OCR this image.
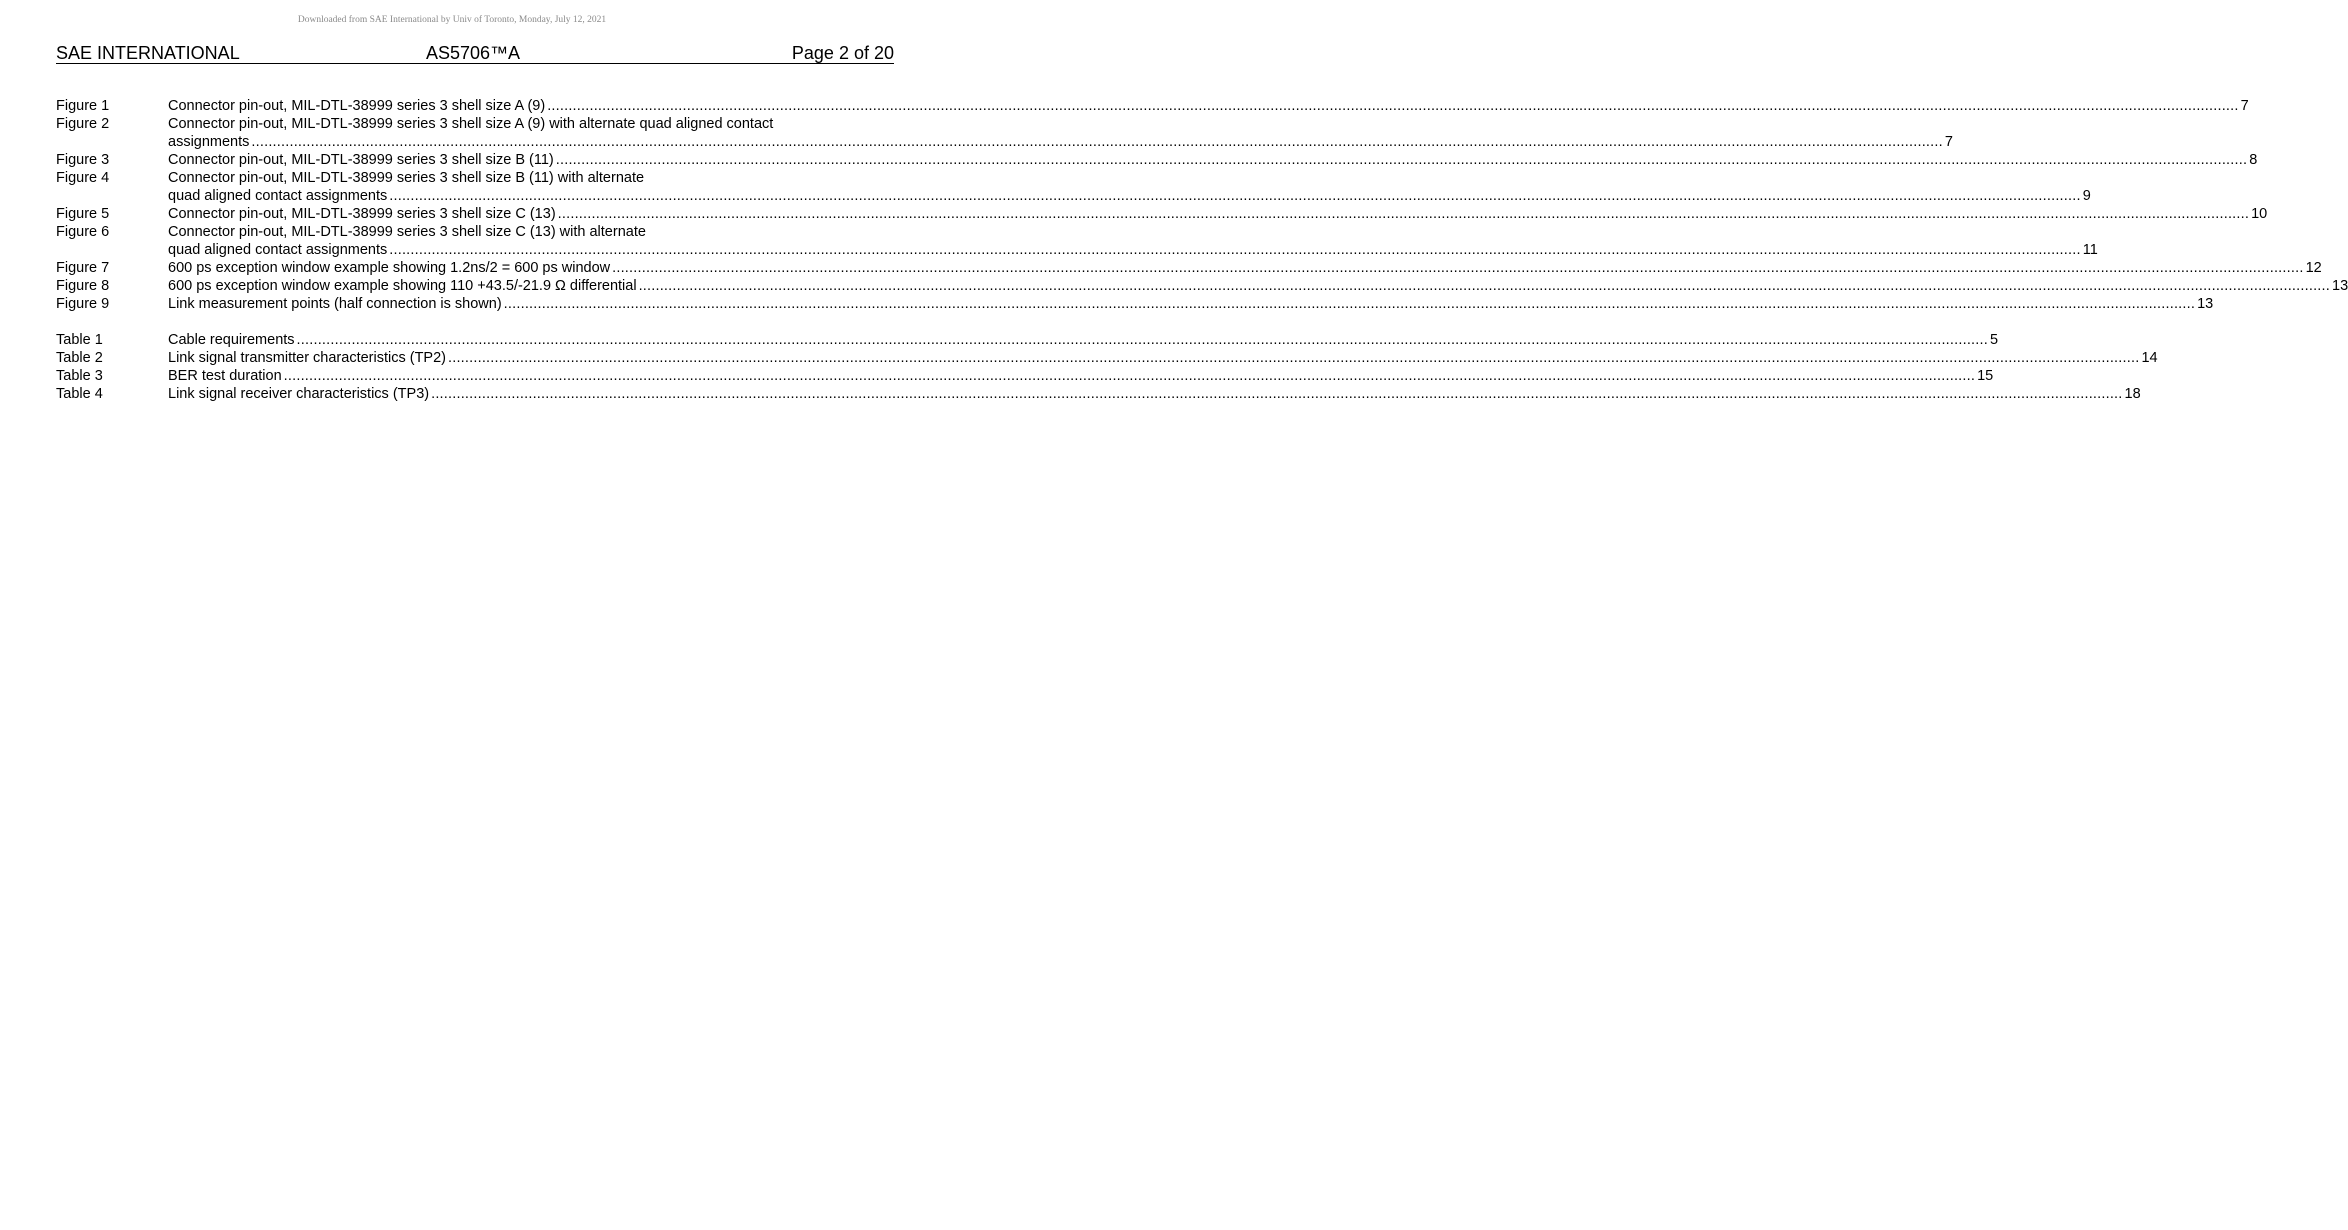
Downloaded from SAE International by Univ of Toronto, Monday, July 12, 2021
SAE INTERNATIONAL	AS5706™A	Page 2 of 20
Figure 1	Connector pin-out, MIL-DTL-38999 series 3 shell size A (9) ................................................................................................................................................................................................................................................................................................................................................................................................................ 7
Figure 2	Connector pin-out, MIL-DTL-38999 series 3 shell size A (9) with alternate quad aligned contact
assignments ................................................................................................................................................................................................................................................................................................................................................................................................................ 7
Figure 3	Connector pin-out, MIL-DTL-38999 series 3 shell size B (11) ................................................................................................................................................................................................................................................................................................................................................................................................................ 8
Figure 4	Connector pin-out, MIL-DTL-38999 series 3 shell size B (11) with alternate
quad aligned contact assignments ................................................................................................................................................................................................................................................................................................................................................................................................................ 9
Figure 5	Connector pin-out, MIL-DTL-38999 series 3 shell size C (13) ................................................................................................................................................................................................................................................................................................................................................................................................................ 10
Figure 6	Connector pin-out, MIL-DTL-38999 series 3 shell size C (13) with alternate
quad aligned contact assignments ................................................................................................................................................................................................................................................................................................................................................................................................................ 11
Figure 7	600 ps exception window example showing 1.2ns/2 = 600 ps window ................................................................................................................................................................................................................................................................................................................................................................................................................ 12
Figure 8	600 ps exception window example showing 110 +43.5/-21.9 Ω differential ................................................................................................................................................................................................................................................................................................................................................................................................................ 13
Figure 9	Link measurement points (half connection is shown) ................................................................................................................................................................................................................................................................................................................................................................................................................ 13
Table 1	Cable requirements ................................................................................................................................................................................................................................................................................................................................................................................................................ 5
Table 2	Link signal transmitter characteristics (TP2) ................................................................................................................................................................................................................................................................................................................................................................................................................ 14
Table 3	BER test duration ................................................................................................................................................................................................................................................................................................................................................................................................................ 15
Table 4	Link signal receiver characteristics (TP3) ................................................................................................................................................................................................................................................................................................................................................................................................................ 18
